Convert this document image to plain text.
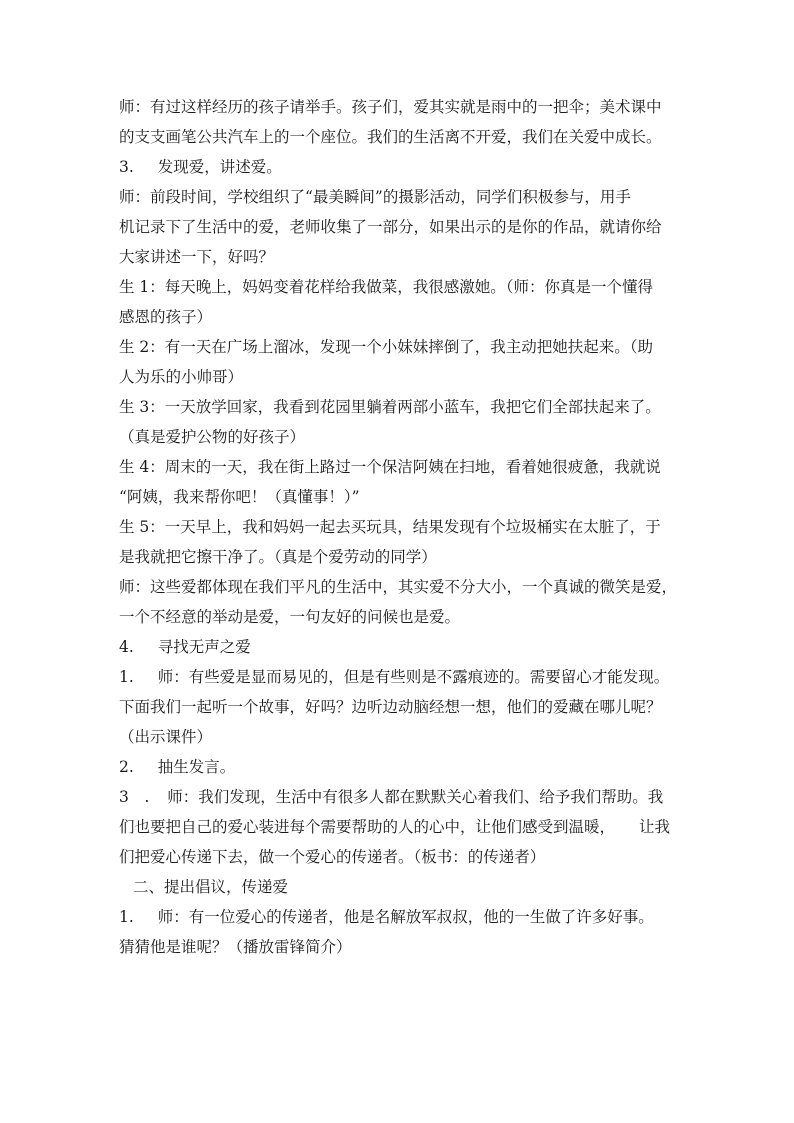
师：有过这样经历的孩子请举手。孩子们，爱其实就是雨中的一把伞；美术课中

的支支画笔公共汽车上的一个座位。我们的生活离不开爱，我们在关爱中成长。

3. 发现爱，讲述爱。

师：前段时间，学校组织了“最美瞬间”的摄影活动，同学们积极参与，用手

机记录下了生活中的爱，老师收集了一部分，如果出示的是你的作品，就请你给

大家讲述一下，好吗？

生 1：每天晚上，妈妈变着花样给我做菜，我很感激她。（师：你真是一个懂得

感恩的孩子）

生 2：有一天在广场上溜冰，发现一个小妹妹摔倒了，我主动把她扶起来。（助

人为乐的小帅哥）

生 3：一天放学回家，我看到花园里躺着两部小蓝车，我把它们全部扶起来了。

（真是爱护公物的好孩子）

生 4：周末的一天，我在街上路过一个保洁阿姨在扫地，看着她很疲惫，我就说

“阿姨，我来帮你吧！（真懂事！）”

生 5：一天早上，我和妈妈一起去买玩具，结果发现有个垃圾桶实在太脏了，于

是我就把它擦干净了。（真是个爱劳动的同学）

师：这些爱都体现在我们平凡的生活中，其实爱不分大小，一个真诚的微笑是爱，

一个不经意的举动是爱，一句友好的问候也是爱。

4. 寻找无声之爱

1. 师：有些爱是显而易见的，但是有些则是不露痕迹的。需要留心才能发现。

下面我们一起听一个故事，好吗？边听边动脑经想一想，他们的爱藏在哪儿呢？

（出示课件）

2. 抽生发言。

3　. 师：我们发现，生活中有很多人都在默默关心着我们、给予我们帮助。我

们也要把自己的爱心装进每个需要帮助的人的心中，让他们感受到温暖， 让我

们把爱心传递下去，做一个爱心的传递者。（板书：的传递者）

二、提出倡议，传递爱

1. 师：有一位爱心的传递者，他是名解放军叔叔，他的一生做了许多好事。

猜猜他是谁呢？（播放雷锋简介）
